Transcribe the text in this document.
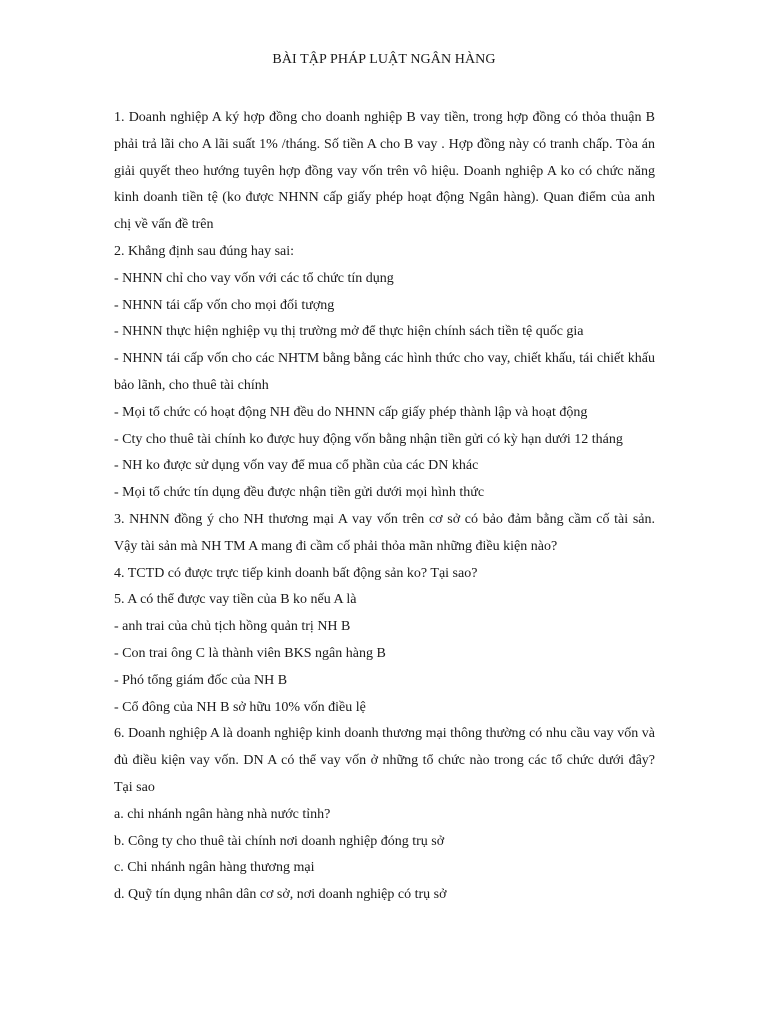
BÀI TẬP PHÁP LUẬT NGÂN HÀNG

1. Doanh nghiệp A ký hợp đồng cho doanh nghiệp B vay tiền, trong hợp đồng có thỏa thuận B phải trả lãi cho A lãi suất 1% /tháng. Số tiền A cho B vay . Hợp đồng này có tranh chấp. Tòa án giải quyết theo hướng tuyên hợp đồng vay vốn trên vô hiệu. Doanh nghiệp A ko có chức năng kinh doanh tiền tệ (ko được NHNN cấp giấy phép hoạt động Ngân hàng). Quan điểm của anh chị về vấn đề trên

2. Khẳng định sau đúng hay sai:

- NHNN chỉ cho vay vốn với các tổ chức tín dụng

- NHNN tái cấp vốn cho mọi đối tượng

- NHNN thực hiện nghiệp vụ thị trường mở để thực hiện chính sách tiền tệ quốc gia

- NHNN tái cấp vốn cho các NHTM bằng bằng các hình thức cho vay, chiết khấu, tái chiết khấu bảo lãnh, cho thuê tài chính

- Mọi tổ chức có hoạt động NH đều do NHNN cấp giấy phép thành lập và hoạt động

- Cty cho thuê tài chính ko được huy động vốn bằng nhận tiền gửi có kỳ hạn dưới 12 tháng

- NH ko được sử dụng vốn vay để mua cổ phần của các DN khác

- Mọi tổ chức tín dụng đều được nhận tiền gửi dưới mọi hình thức

3. NHNN đồng ý cho NH thương mại A vay vốn trên cơ sở có bảo đảm bằng cầm cố tài sản. Vậy tài sản mà NH TM A mang đi cầm cố phải thỏa mãn những điều kiện nào?

4. TCTD có được trực tiếp kinh doanh bất động sản ko? Tại sao?

5. A có thể được vay tiền của B ko nếu A là

- anh trai của chủ tịch hồng quản trị NH B

- Con trai ông C là thành viên BKS ngân hàng B

- Phó tổng giám đốc của NH B

- Cổ đông của NH B sở hữu 10% vốn điều lệ

6. Doanh nghiệp A là doanh nghiệp kinh doanh thương mại thông thường có nhu cầu vay vốn và đủ điều kiện vay vốn. DN A có thể vay vốn ở những tổ chức nào trong các tổ chức dưới đây? Tại sao

a. chi nhánh ngân hàng nhà nước tỉnh?

b. Công ty cho thuê tài chính nơi doanh nghiệp đóng trụ sở

c. Chi nhánh ngân hàng thương mại

d. Quỹ tín dụng nhân dân cơ sở, nơi doanh nghiệp có trụ sở
